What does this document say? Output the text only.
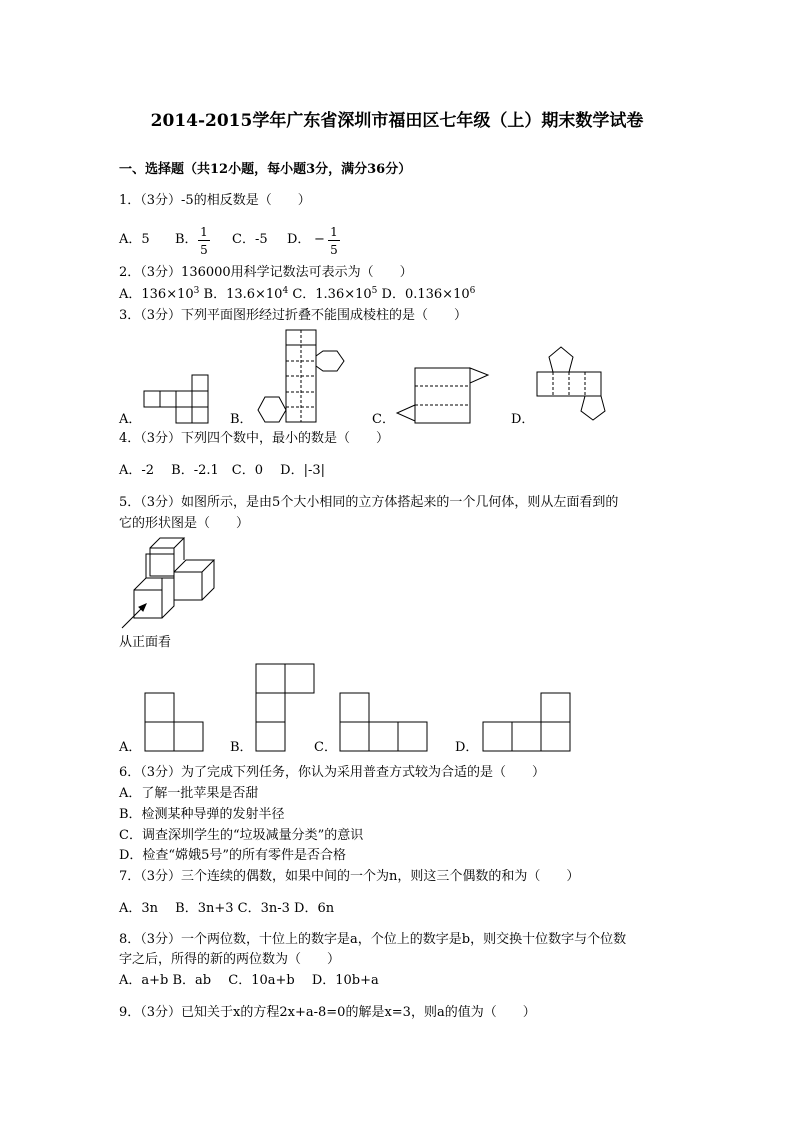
2014-2015学年广东省深圳市福田区七年级（上）期末数学试卷
一、选择题（共12小题，每小题3分，满分36分）
1．（3分）-5的相反数是（　　）
A．5 B． 1
5
C．-5 D． − 1
5
2．（3分）136000用科学记数法可表示为（　　）
A．$136\times 10^3$ B．$13.6\times 10^4$ C．$1.36\times 10^5$ D．$0.136\times 10^6$
3．（3分）下列平面图形经过折叠不能围成棱柱的是（　　）
A．	B．	C．	D．
4．（3分）下列四个数中，最小的数是（　　）
A．-2　 B．-2.1　C．0　 D．|-3|
5．（3分）如图所示，是由5个大小相同的立方体搭起来的一个几何体，则从左面看到的
它的形状图是（　　）
从正面看
A．	B．	C．	D．
6．（3分）为了完成下列任务，你认为采用普查方式较为合适的是（　　）
A．了解一批苹果是否甜
B．检测某种导弹的发射半径
C．调查深圳学生的“垃圾减量分类”的意识
D．检查“嫦娥5号”的所有零件是否合格
7．（3分）三个连续的偶数，如果中间的一个为n，则这三个偶数的和为（　　）
A．3n　 B．3n+3 C．3n-3 D．6n
8．（3分）一个两位数，十位上的数字是a，个位上的数字是b，则交换十位数字与个位数
字之后，所得的新的两位数为（　　）
A．a+b B．ab　 C．10a+b　 D．10b+a
9．（3分）已知关于x的方程2x+a-8=0的解是x=3，则a的值为（　　）
